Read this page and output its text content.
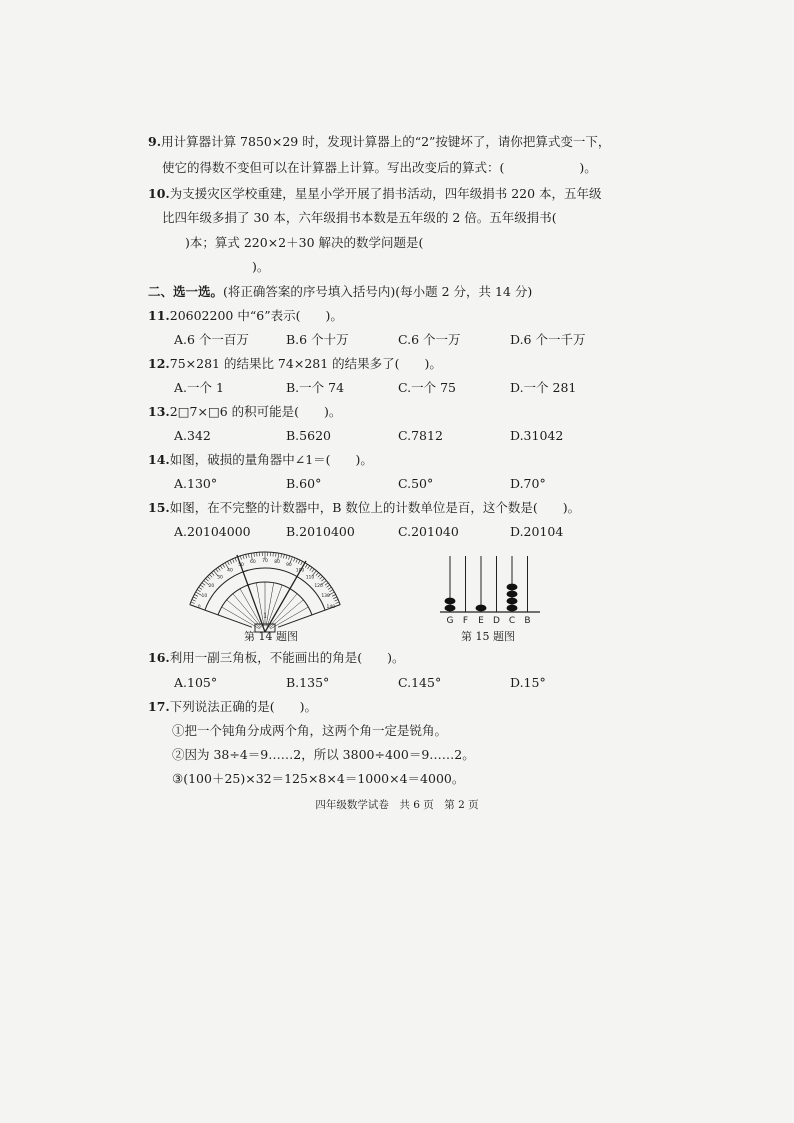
9.用计算器计算 7850×29 时，发现计算器上的“2”按键坏了，请你把算式变一下，
使它的得数不变但可以在计算器上计算。写出改变后的算式：(　　　　　　)。
10.为支援灾区学校重建，星星小学开展了捐书活动，四年级捐书 220 本，五年级
比四年级多捐了 30 本，六年级捐书本数是五年级的 2 倍。五年级捐书(
)本；算式 220×2＋30 解决的数学问题是(
)。
二、选一选。(将正确答案的序号填入括号内)(每小题 2 分，共 14 分)
11.20602200 中“6”表示(　　)。
A.6 个一百万	B.6 个十万	C.6 个一万	D.6 个一千万
12.75×281 的结果比 74×281 的结果多了(　　)。
A.一个 1	B.一个 74	C.一个 75	D.一个 281
13.2□7×□6 的积可能是(　　)。
A.342	B.5620	C.7812	D.31042
14.如图，破损的量角器中∠1＝(　　)。
A.130°	B.60°	C.50°	D.70°
15.如图，在不完整的计数器中，B 数位上的计数单位是百，这个数是(　　)。
A.20104000	B.2010400	C.201040	D.20104
0
10
20
30
40
50
60 70 80
90
100
110
120
130
140
1
第 14 题图
G F E D C B
第 15 题图
16.利用一副三角板，不能画出的角是(　　)。
A.105°	B.135°	C.145°	D.15°
17.下列说法正确的是(　　)。
①把一个钝角分成两个角，这两个角一定是锐角。
②因为 38÷4＝9……2，所以 3800÷400＝9……2。
③(100＋25)×32＝125×8×4＝1000×4＝4000。
四年级数学试卷　共 6 页　第 2 页
